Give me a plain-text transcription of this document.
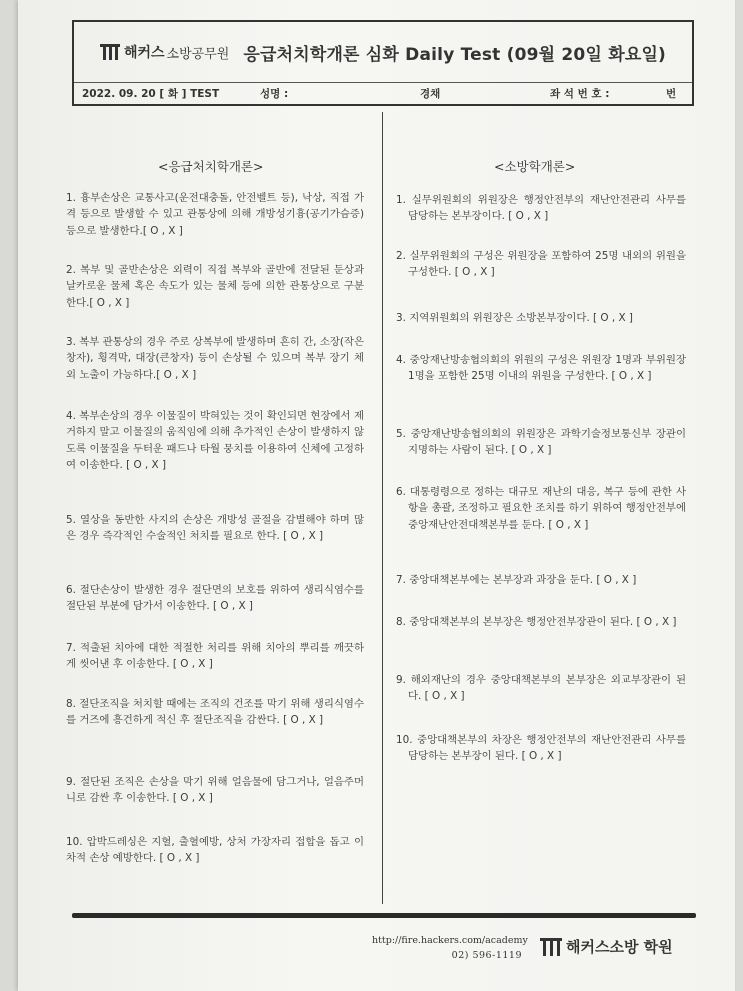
해커스 소방공무원 응급처치학개론 심화 Daily Test (09월 20일 화요일)
2022. 09. 20 [ 화 ] TEST	성명 :	경채	좌 석 번 호 :	번
<응급처치학개론>	<소방학개론>
1. 흉부손상은 교통사고(운전대충돌, 안전벨트 등), 낙상, 직접 가격 등으로 발생할 수 있고 관통상에 의해 개방성기흉(공기가슴증) 등으로 발생한다.[ O , X ]
2. 복부 및 골반손상은 외력이 직접 복부와 골반에 전달된 둔상과 날카로운 물체 혹은 속도가 있는 물체 등에 의한 관통상으로 구분한다.[ O , X ]
3. 복부 관통상의 경우 주로 상복부에 발생하며 흔히 간, 소장(작은창자), 횡격막, 대장(큰창자) 등이 손상될 수 있으며 복부 장기 체외 노출이 가능하다.[ O , X ]
4. 복부손상의 경우 이물질이 박혀있는 것이 확인되면 현장에서 제거하지 말고 이물질의 움직임에 의해 추가적인 손상이 발생하지 않도록 이물질을 두터운 패드나 타월 뭉치를 이용하여 신체에 고정하여 이송한다. [ O , X ]
5. 열상을 동반한 사지의 손상은 개방성 골절을 감별해야 하며 많은 경우 즉각적인 수술적인 처치를 필요로 한다. [ O , X ]
6. 절단손상이 발생한 경우 절단면의 보호를 위하여 생리식염수를 절단된 부분에 담가서 이송한다. [ O , X ]
7. 적출된 치아에 대한 적절한 처리를 위해 치아의 뿌리를 깨끗하게 씻어낸 후 이송한다. [ O , X ]
8. 절단조직을 처치할 때에는 조직의 건조를 막기 위해 생리식염수를 거즈에 흥건하게 적신 후 절단조직을 감싼다. [ O , X ]
9. 절단된 조직은 손상을 막기 위해 얼음물에 담그거나, 얼음주머니로 감싼 후 이송한다. [ O , X ]
10. 압박드레싱은 지혈, 출혈예방, 상처 가장자리 접합을 돕고 이차적 손상 예방한다. [ O , X ]
1. 실무위원회의 위원장은 행정안전부의 재난안전관리 사무를 담당하는 본부장이다. [ O , X ]
2. 실무위원회의 구성은 위원장을 포함하여 25명 내외의 위원을 구성한다. [ O , X ]
3. 지역위원회의 위원장은 소방본부장이다. [ O , X ]
4. 중앙재난방송협의회의 위원의 구성은 위원장 1명과 부위원장 1명을 포함한 25명 이내의 위원을 구성한다. [ O , X ]
5. 중앙재난방송협의회의 위원장은 과학기술정보통신부 장관이 지명하는 사람이 된다. [ O , X ]
6. 대통령령으로 정하는 대규모 재난의 대응, 복구 등에 관한 사항을 총괄, 조정하고 필요한 조치를 하기 위하여 행정안전부에 중앙재난안전대책본부를 둔다. [ O , X ]
7. 중앙대책본부에는 본부장과 과장을 둔다. [ O , X ]
8. 중앙대책본부의 본부장은 행정안전부장관이 된다. [ O , X ]
9. 해외재난의 경우 중앙대책본부의 본부장은 외교부장관이 된다. [ O , X ]
10. 중앙대책본부의 차장은 행정안전부의 재난안전관리 사무를 담당하는 본부장이 된다. [ O , X ]
http://fire.hackers.com/academy
02) 596-1119	해커스소방 학원
